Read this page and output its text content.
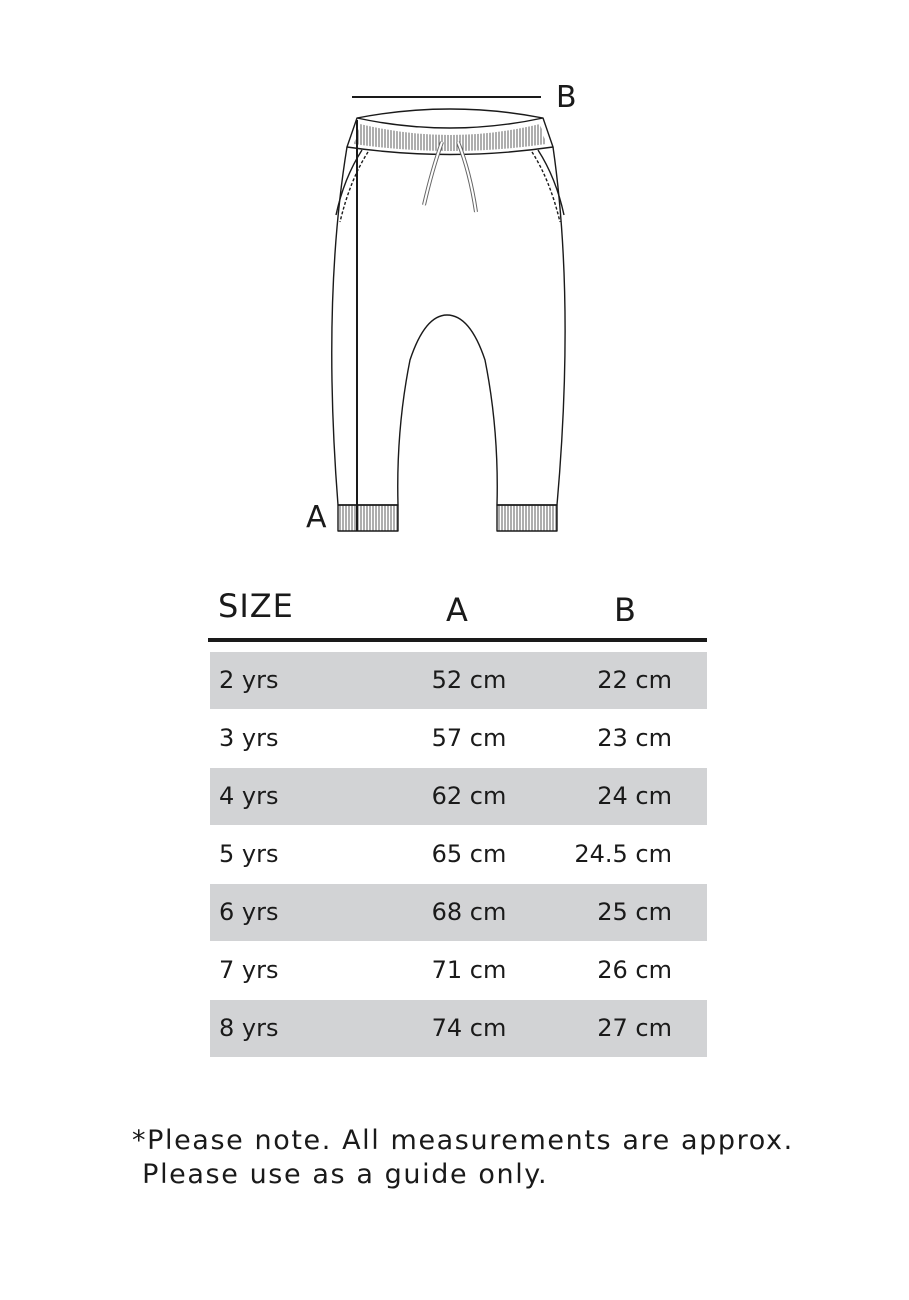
B
A
SIZE	A	B
2 yrs	52 cm	22 cm
3 yrs	57 cm	23 cm
4 yrs	62 cm	24 cm
5 yrs	65 cm	24.5 cm
6 yrs	68 cm	25 cm
7 yrs	71 cm	26 cm
8 yrs	74 cm	27 cm
*Please note. All measurements are approx.
Please use as a guide only.
